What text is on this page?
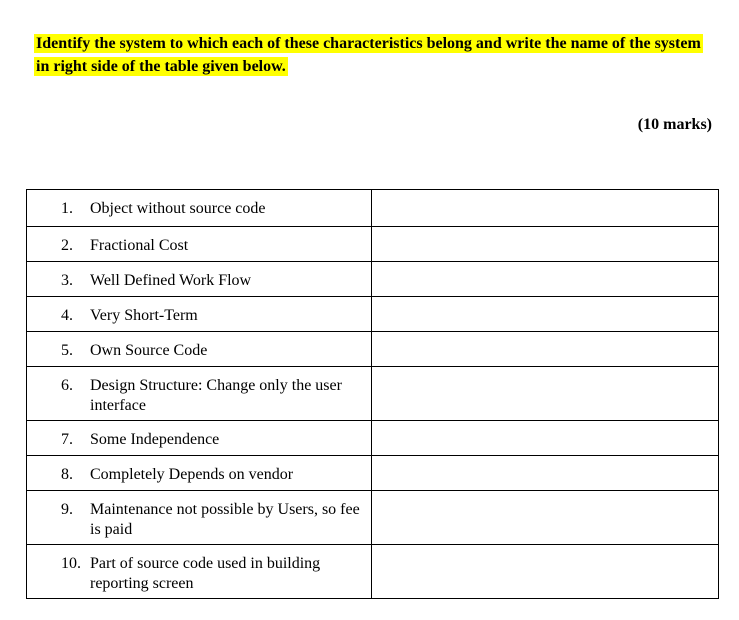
Identify the system to which each of these characteristics belong and write the name of the system in right side of the table given below.
(10 marks)
1. Object without source code	

2. Fractional Cost	

3. Well Defined Work Flow	

4. Very Short-Term	

5. Own Source Code	

6. Design Structure: Change only the user interface	

7. Some Independence	

8. Completely Depends on vendor	

9. Maintenance not possible by Users, so fee is paid	

10. Part of source code used in building reporting screen	
